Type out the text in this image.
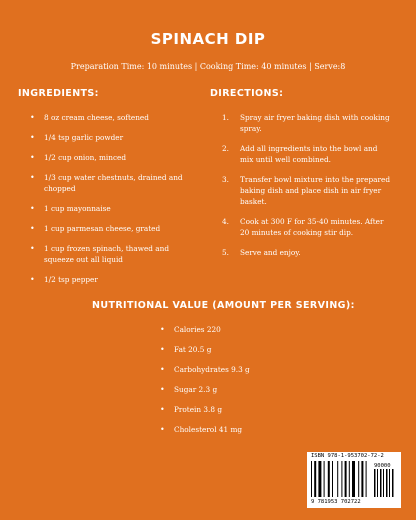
SPINACH DIP
Preparation Time: 10 minutes | Cooking Time: 40 minutes | Serve:8
INGREDIENTS:
• 8 oz cream cheese, softened
• 1/4 tsp garlic powder
• 1/2 cup onion, minced
• 1/3 cup water chestnuts, drained and chopped
• 1 cup mayonnaise
• 1 cup parmesan cheese, grated
• 1 cup frozen spinach, thawed and squeeze out all liquid
• 1/2 tsp pepper
DIRECTIONS:
1. Spray air fryer baking dish with cooking spray.
2. Add all ingredients into the bowl and mix until well combined.
3. Transfer bowl mixture into the prepared baking dish and place dish in air fryer basket.
4. Cook at 300 F for 35-40 minutes. After 20 minutes of cooking stir dip.
5. Serve and enjoy.
NUTRITIONAL VALUE (AMOUNT PER SERVING):
• Calories 220
• Fat 20.5 g
• Carbohydrates 9.3 g
• Sugar 2.3 g
• Protein 3.8 g
• Cholesterol 41 mg
ISBN 978-1-953702-72-2
90000
9 781953 702722
